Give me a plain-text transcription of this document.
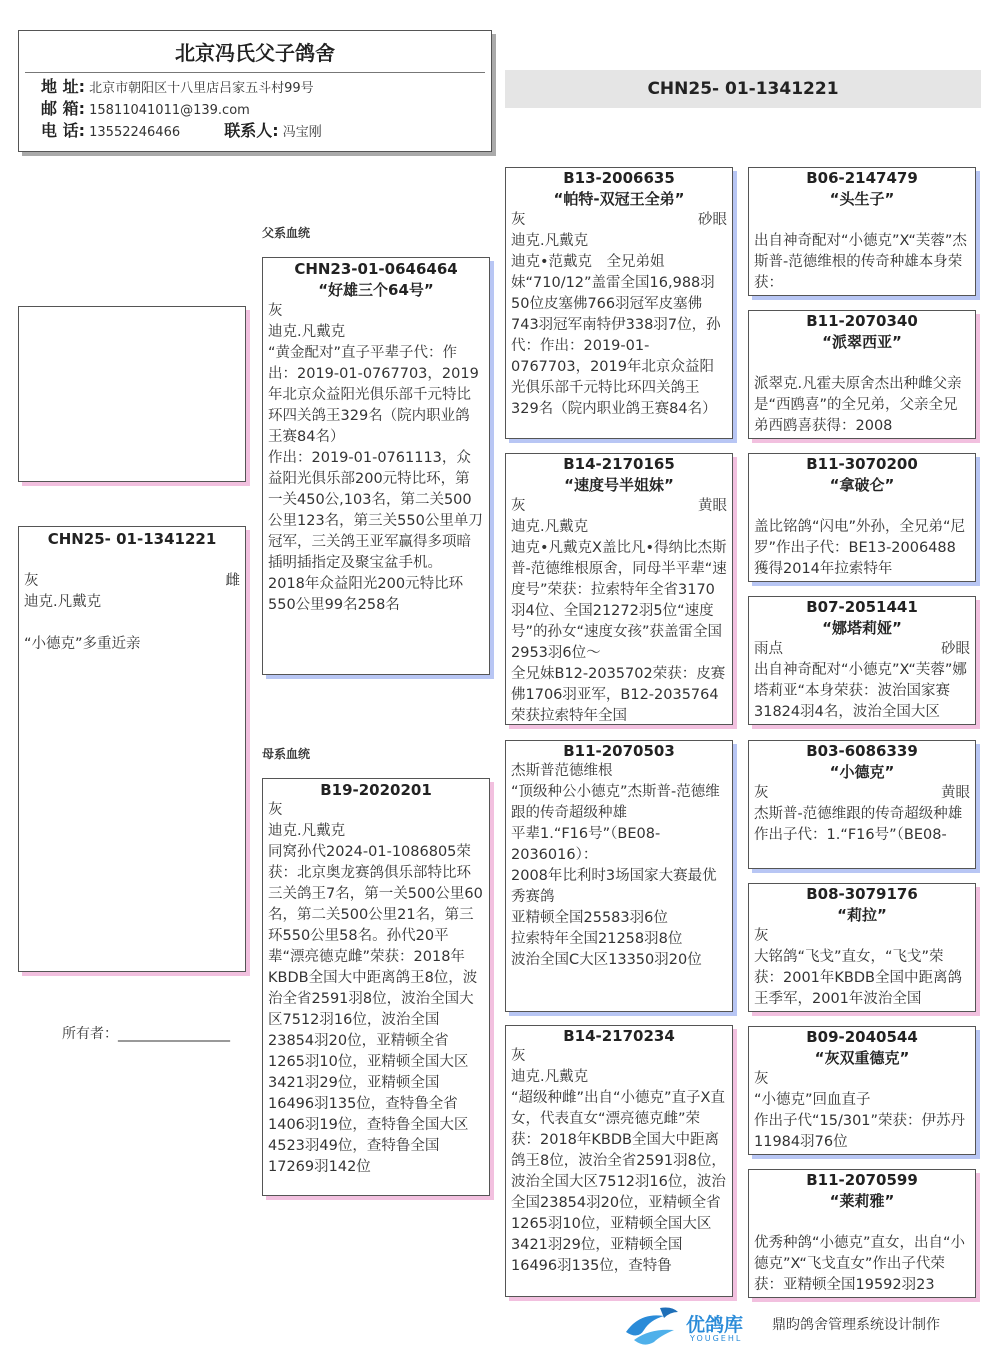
北京冯氏父子鸽舍
地 址: 北京市朝阳区十八里店吕家五斗村99号
邮 箱: 15811041011@139.com
电 话: 13552246466	联系人: 冯宝刚
CHN25- 01-1341221
CHN25- 01-1341221
灰	雌
迪克.凡戴克
“小德克”多重近亲
所有者：________________
父系血统
母系血统
CHN23-01-0646464
“好雄三个64号”
灰
迪克.凡戴克
“黄金配对”直子平辈子代：作出：2019-01-0767703，2019年北京众益阳光俱乐部千元特比环四关鸽王329名（院内职业鸽王赛84名）
作出：2019-01-0761113，众益阳光俱乐部200元特比环，第一关450公,103名，第二关500公里123名，第三关550公里单刀冠军，三关鸽王亚军赢得多项暗插明插指定及聚宝盆手机。
2018年众益阳光200元特比环550公里99名258名
B19-2020201
灰
迪克.凡戴克
同窝孙代2024-01-1086805荣获：北京奥龙赛鸽俱乐部特比环三关鸽王7名，第一关500公里60名，第二关500公里21名，第三环550公里58名。孙代20平辈“漂亮德克雌”荣获：2018年KBDB全国大中距离鸽王8位，波治全省2591羽8位，波治全国大区7512羽16位，波治全国23854羽20位，亚精顿全省1265羽10位，亚精顿全国大区3421羽29位，亚精顿全国16496羽135位，查特鲁全省1406羽19位，查特鲁全国大区4523羽49位，查特鲁全国17269羽142位
B13-2006635
“帕特-双冠王全弟”
灰	砂眼
迪克.凡戴克
迪克•范戴克　全兄弟姐妹“710/12”盖雷全国16,988羽50位皮塞佛766羽冠军皮塞佛743羽冠军南特伊338羽7位，孙代：作出：2019-01-0767703，2019年北京众益阳光俱乐部千元特比环四关鸽王329名（院内职业鸽王赛84名）
B14-2170165
“速度号半姐妹”
灰	黄眼
迪克.凡戴克
迪克•凡戴克X盖比凡•得纳比杰斯普-范德维根原舍，同母半平辈“速度号”荣获：拉索特年全省3170羽4位、全国21272羽5位“速度号”的孙女“速度女孩”获盖雷全国2953羽6位～
全兄妹B12-2035702荣获：皮赛佛1706羽亚军，B12-2035764荣获拉索特年全国
B11-2070503
杰斯普范德维根
“顶级种公小德克”杰斯普-范德维跟的传奇超级种雄
平辈1.“F16号”（BE08-2036016）：
2008年比利时3场国家大赛最优秀赛鸽
亚精顿全国25583羽6位
拉索特年全国21258羽8位
波治全国C大区13350羽20位
B14-2170234
灰
迪克.凡戴克
“超级种雌”出自“小德克”直子X直女，代表直女“漂亮德克雌”荣获：2018年KBDB全国大中距离鸽王8位，波治全省2591羽8位，波治全国大区7512羽16位，波治全国23854羽20位，亚精顿全省1265羽10位，亚精顿全国大区3421羽29位，亚精顿全国16496羽135位，查特鲁
B06-2147479
“头生子”
出自神奇配对“小德克”X“芙蓉”杰斯普-范德维根的传奇种雄本身荣获：
B11-2070340
“派翠西亚”
派翠克.凡霍夫原舍杰出种雌父亲是“西鸥喜”的全兄弟，父亲全兄弟西鸥喜获得：2008
B11-3070200
“拿破仑”
盖比铭鸽“闪电”外孙，全兄弟“尼罗”作出子代：BE13-2006488獲得2014年拉索特年
B07-2051441
“娜塔莉娅”
雨点	砂眼
出自神奇配对“小德克”X“芙蓉”娜塔莉亚“本身荣获：波治国家赛31824羽4名，波治全国大区
B03-6086339
“小德克”
灰	黄眼
杰斯普-范德维跟的传奇超级种雄
作出子代：1.“F16号”（BE08-
B08-3079176
“莉拉”
灰
大铭鸽“飞戈”直女，“飞戈”荣获：2001年KBDB全国中距离鸽王季军，2001年波治全国
B09-2040544
“灰双重德克”
灰
“小德克”回血直子
作出子代“15/301”荣获：伊苏丹11984羽76位
B11-2070599
“莱莉雅”
优秀种鸽“小德克”直女，出自“小德克”X“飞戈直女”作出子代荣获：亚精顿全国19592羽23
优鸽库
YOUGEHL
鼎昀鸽舍管理系统设计制作
